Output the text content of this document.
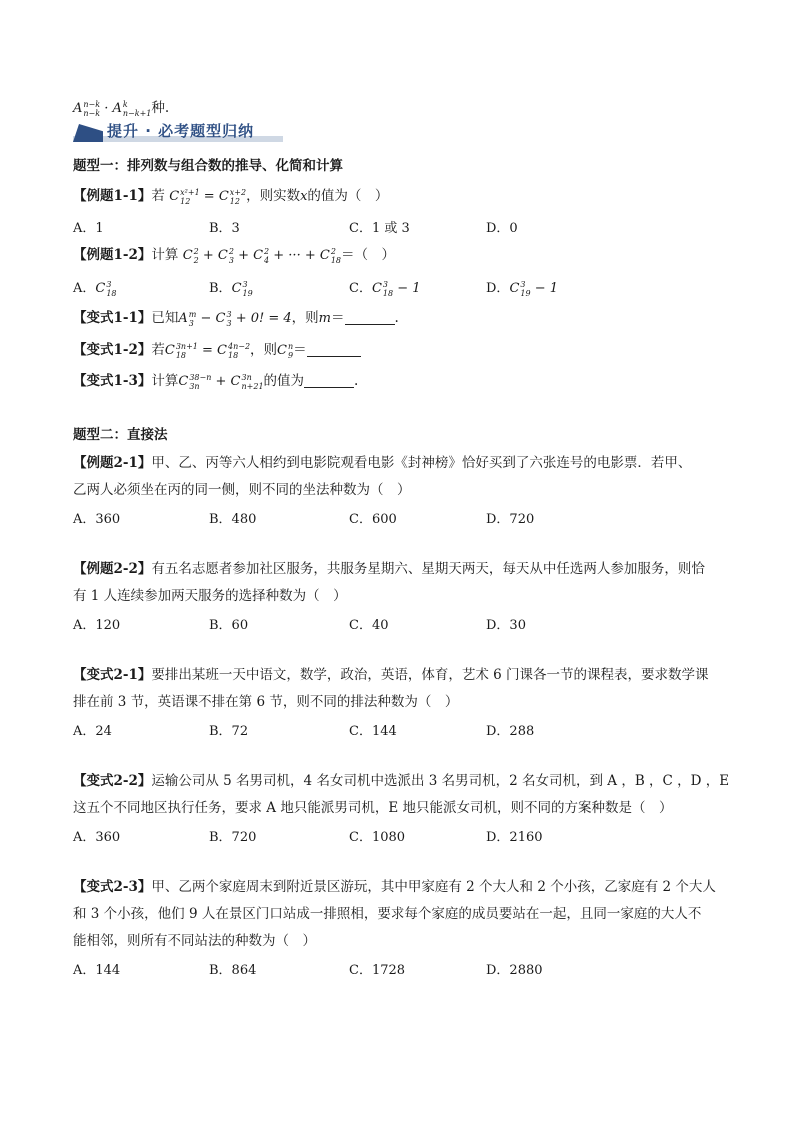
A n−k
n−k · A k
n−k+1 种.
提升 · 必考题型归纳
题型一：排列数与组合数的推导、化简和计算
【例题1-1】若 C x²+1
12 = C x+2
12 ，则实数x的值为（　）
A．1	B．3	C．1 或 3	D．0
【例题1-2】计算 C 2
2 + C 2
3 + C 2
4 + ··· + C 2
18 ＝（　）
A．C 3
18	B．C 3
19	C．C 3
18 − 1	D．C 3
19 − 1
【变式1-1】已知A m
3 − C 3
3 + 0! = 4，则m＝	.
【变式1-2】若C 3n+1
18 = C 4n−2
18 ，则C n
9 ＝
【变式1-3】计算C 38−n
3n + C 3n
n+21 的值为	.
题型二：直接法
【例题2-1】甲、乙、丙等六人相约到电影院观看电影《封神榜》恰好买到了六张连号的电影票．若甲、
乙两人必须坐在丙的同一侧，则不同的坐法种数为（　）
A．360	B．480	C．600	D．720
【例题2-2】有五名志愿者参加社区服务，共服务星期六、星期天两天，每天从中任选两人参加服务，则恰
有 1 人连续参加两天服务的选择种数为（　）
A．120	B．60	C．40	D．30
【变式2-1】要排出某班一天中语文，数学，政治，英语，体育，艺术 6 门课各一节的课程表，要求数学课
排在前 3 节，英语课不排在第 6 节，则不同的排法种数为（　）
A．24	B．72	C．144	D．288
【变式2-2】运输公司从 5 名男司机，4 名女司机中选派出 3 名男司机，2 名女司机，到 A ，B ，C ，D ，E
这五个不同地区执行任务，要求 A 地只能派男司机，E 地只能派女司机，则不同的方案种数是（　）
A．360	B．720	C．1080	D．2160
【变式2-3】甲、乙两个家庭周末到附近景区游玩，其中甲家庭有 2 个大人和 2 个小孩，乙家庭有 2 个大人
和 3 个小孩，他们 9 人在景区门口站成一排照相，要求每个家庭的成员要站在一起，且同一家庭的大人不
能相邻，则所有不同站法的种数为（　）
A．144	B．864	C．1728	D．2880
